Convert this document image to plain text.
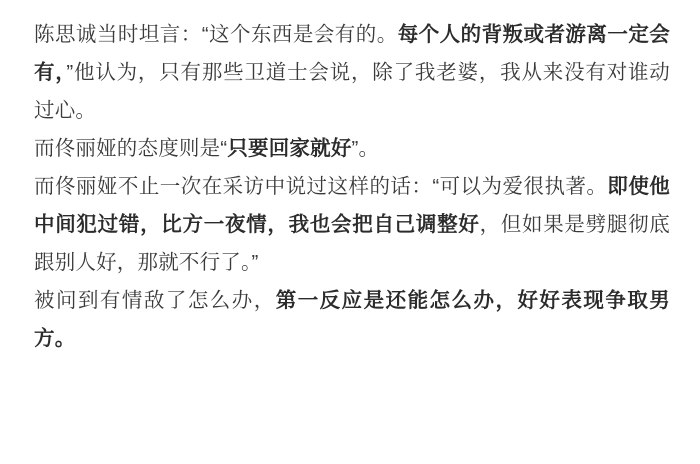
陈思诚当时坦言：“这个东西是会有的。每个人的背叛或者游离一定会有，”他认为，只有那些卫道士会说，除了我老婆，我从来没有对谁动过心。

而佟丽娅的态度则是“只要回家就好”。

而佟丽娅不止一次在采访中说过这样的话：“可以为爱很执著。即使他中间犯过错，比方一夜情，我也会把自己调整好，但如果是劈腿彻底跟别人好，那就不行了。”

被问到有情敌了怎么办，第一反应是还能怎么办，好好表现争取男方。
